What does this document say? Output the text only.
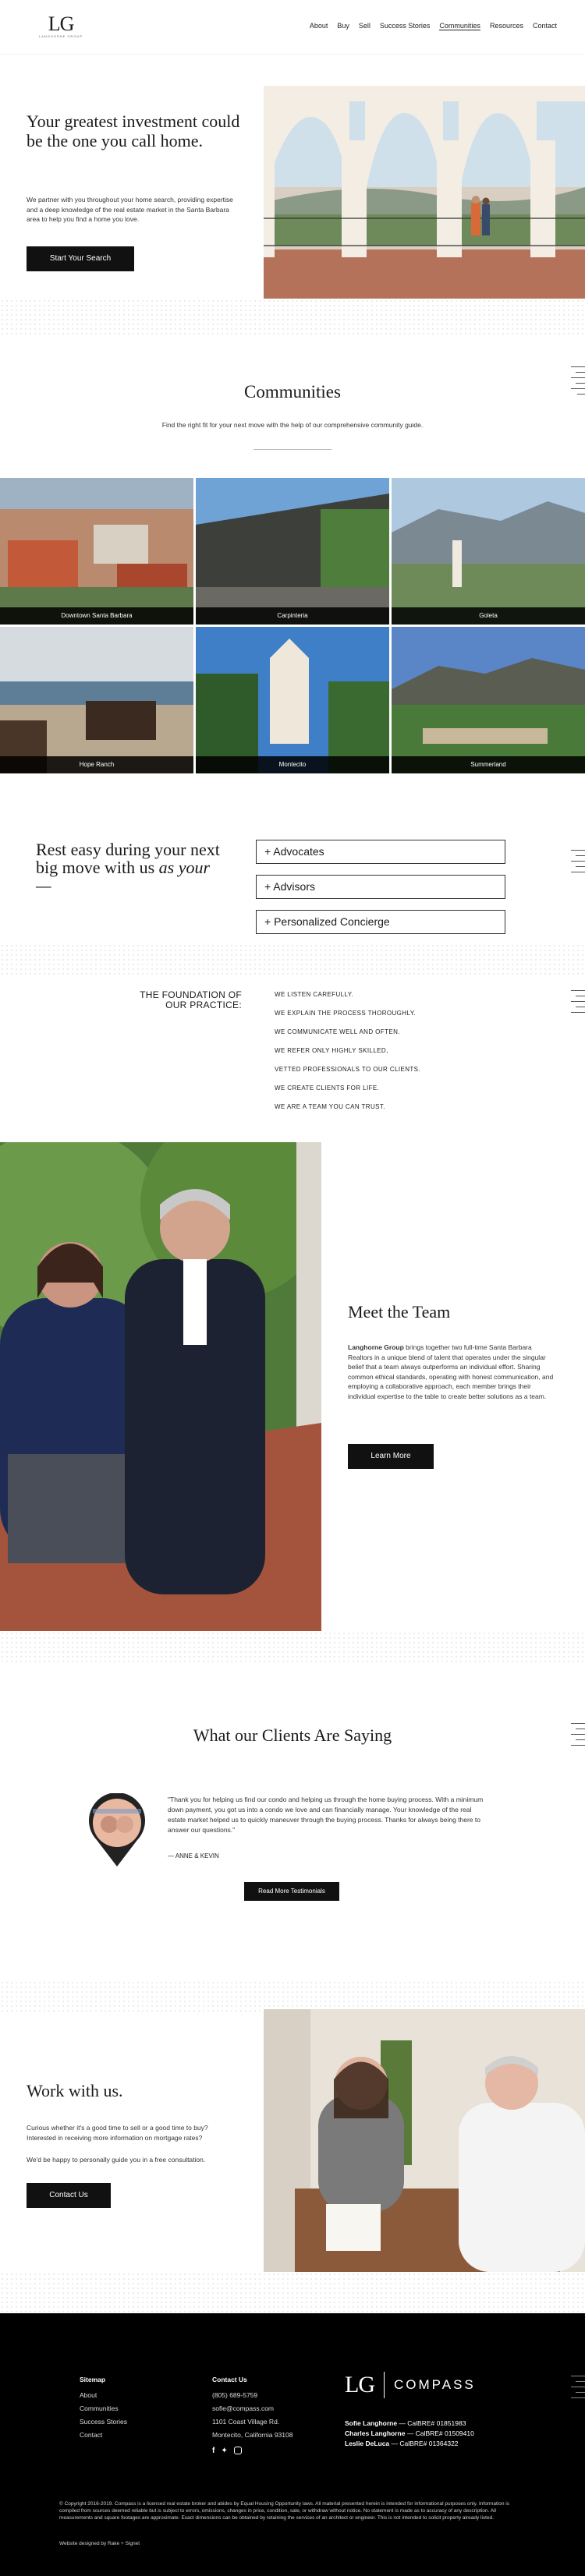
LG
LANGHORNE GROUP
About Buy Sell Success Stories Communities Resources Contact
Your greatest investment could be the one you call home.

We partner with you throughout your home search, providing expertise and a deep knowledge of the real estate market in the Santa Barbara area to help you find a home you love.

Start Your Search
Communities

Find the right fit for your next move with the help of our comprehensive community guide.

Downtown Santa Barbara	Carpinteria	Goleta
Hope Ranch	Montecito	Summerland
Rest easy during your next big move with us as your —
+ Advocates
+ Advisors
+ Personalized Concierge
THE FOUNDATION OF OUR PRACTICE:
WE LISTEN CAREFULLY.
WE EXPLAIN THE PROCESS THOROUGHLY.
WE COMMUNICATE WELL AND OFTEN.
WE REFER ONLY HIGHLY SKILLED,
VETTED PROFESSIONALS TO OUR CLIENTS.
WE CREATE CLIENTS FOR LIFE.
WE ARE A TEAM YOU CAN TRUST.
Meet the Team

Langhorne Group brings together two full-time Santa Barbara Realtors in a unique blend of talent that operates under the singular belief that a team always outperforms an individual effort. Sharing common ethical standards, operating with honest communication, and employing a collaborative approach, each member brings their individual expertise to the table to create better solutions as a team.

Learn More
What our Clients Are Saying

"Thank you for helping us find our condo and helping us through the home buying process. With a minimum down payment, you got us into a condo we love and can financially manage. Your knowledge of the real estate market helped us to quickly maneuver through the buying process. Thanks for always being there to answer our questions."

— ANNE & KEVIN

Read More Testimonials
Work with us.

Curious whether it's a good time to sell or a good time to buy? Interested in receiving more information on mortgage rates?

We'd be happy to personally guide you in a free consultation.

Contact Us
Sitemap
About
Communities
Success Stories
Contact
Contact Us
(805) 689-5759
sofie@compass.com
1101 Coast Village Rd.
Montecito, California 93108
f ✦
LG COMPASS
Sofie Langhorne — CalBRE# 01851983
Charles Langhorne — CalBRE# 01509410
Leslie DeLuca — CalBRE# 01364322

© Copyright 2016-2019. Compass is a licensed real estate broker and abides by Equal Housing Opportunity laws. All material presented herein is intended for informational purposes only. Information is compiled from sources deemed reliable but is subject to errors, omissions, changes in price, condition, sale, or withdraw without notice. No statement is made as to accuracy of any description. All measurements and square footages are approximate. Exact dimensions can be obtained by retaining the services of an architect or engineer. This is not intended to solicit property already listed.

Website designed by Rake + Signet
